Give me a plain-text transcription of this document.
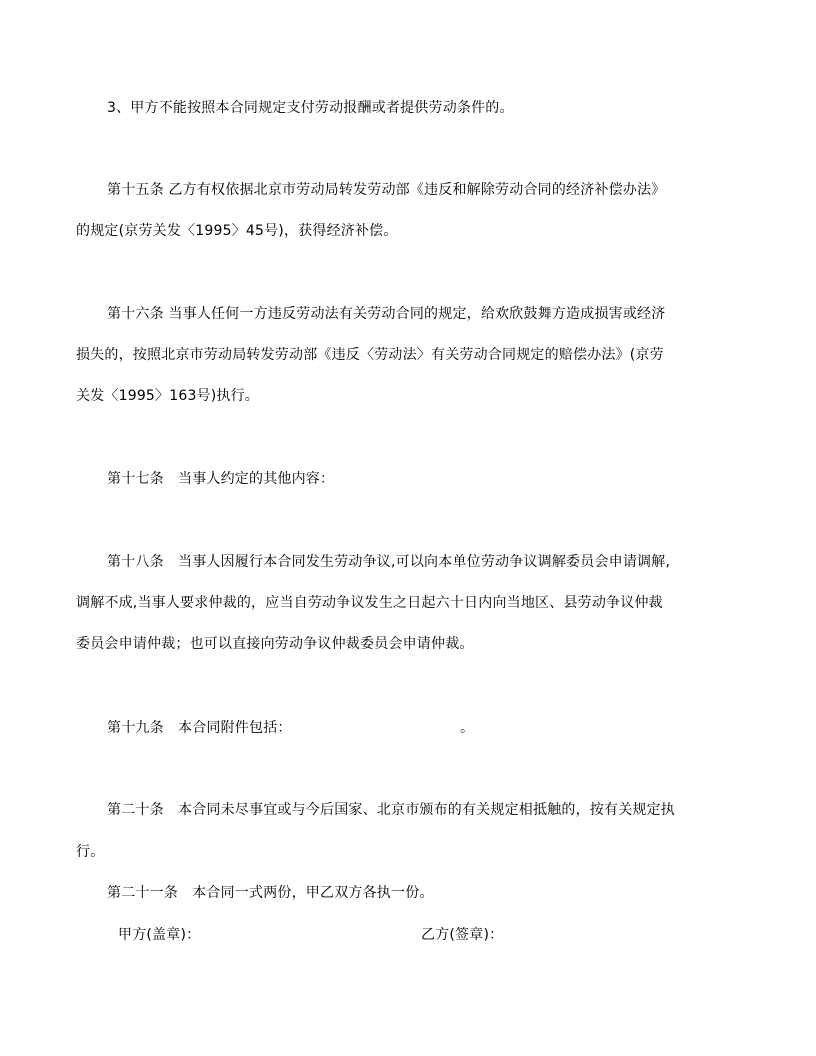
3、甲方不能按照本合同规定支付劳动报酬或者提供劳动条件的。
第十五条 乙方有权依据北京市劳动局转发劳动部《违反和解除劳动合同的经济补偿办法》
的规定(京劳关发〈1995〉45号)，获得经济补偿。
第十六条 当事人任何一方违反劳动法有关劳动合同的规定，给欢欣鼓舞方造成损害或经济
损失的，按照北京市劳动局转发劳动部《违反〈劳动法〉有关劳动合同规定的赔偿办法》(京劳
关发〈1995〉163号)执行。
第十七条　当事人约定的其他内容：
第十八条　当事人因履行本合同发生劳动争议,可以向本单位劳动争议调解委员会申请调解,
调解不成,当事人要求仲裁的，应当自劳动争议发生之日起六十日内向当地区、县劳动争议仲裁
委员会申请仲裁；也可以直接向劳动争议仲裁委员会申请仲裁。
第十九条　本合同附件包括：	。
第二十条　本合同未尽事宜或与今后国家、北京市颁布的有关规定相抵触的，按有关规定执
行。
第二十一条　本合同一式两份，甲乙双方各执一份。
甲方(盖章)：	乙方(签章)：
